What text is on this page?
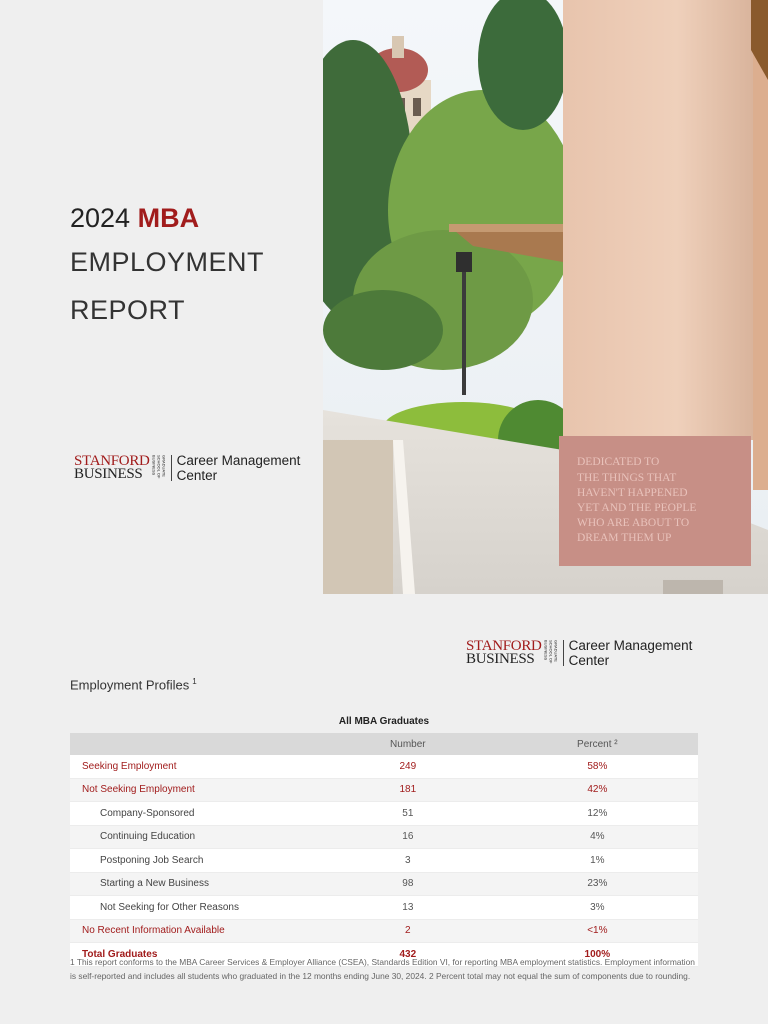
2024 MBA
EMPLOYMENT
REPORT
STANFORD
BUSINESS	GRADUATE SCHOOL OF BUSINESS	Career Management
Center
DEDICATED TO
THE THINGS THAT
HAVEN'T HAPPENED
YET AND THE PEOPLE
WHO ARE ABOUT TO
DREAM THEM UP
STANFORD
BUSINESS	GRADUATE SCHOOL OF BUSINESS	Career Management
Center
Employment Profiles $^1$
All MBA Graduates
	Number	Percent ²
Seeking Employment	249	58%
Not Seeking Employment	181	42%
Company-Sponsored	51	12%
Continuing Education	16	4%
Postponing Job Search	3	1%
Starting a New Business	98	23%
Not Seeking for Other Reasons	13	3%
No Recent Information Available	2	<1%
Total Graduates	432	100%
1 This report conforms to the MBA Career Services & Employer Alliance (CSEA), Standards Edition VI, for reporting MBA employment statistics. Employment information is self-reported and includes all students who graduated in the 12 months ending June 30, 2024. 2 Percent total may not equal the sum of components due to rounding.
